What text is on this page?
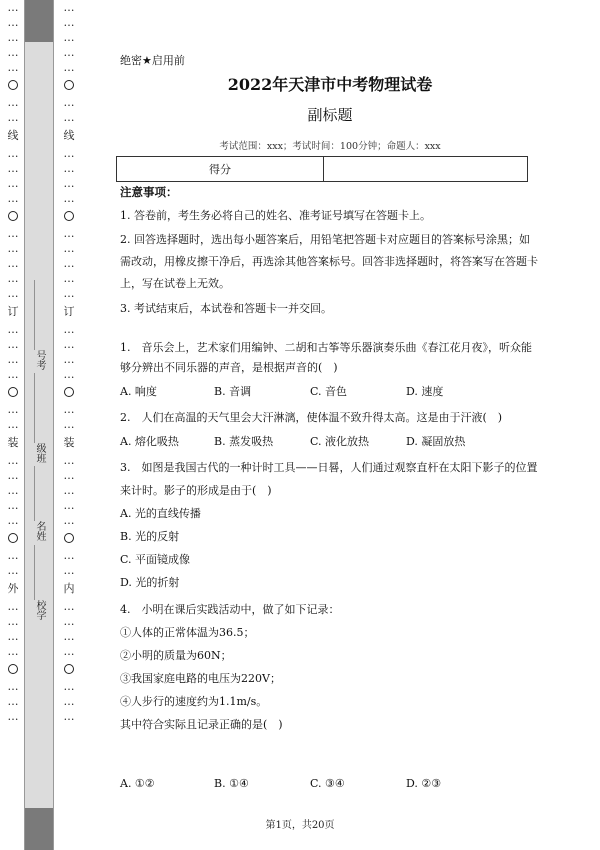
…
…
…
…
…
…
…
线
…
…
…
…
…
…
…
…
…
订
…
…
…
…
…
…
装
…
…
…
…
…
…
…
外
…
…
…
…
…
…
…
______________号考 ______________级班 ___________名姓 ___________校学
…
…
…
…
…
…
…
线
…
…
…
…
…
…
…
…
…
订
…
…
…
…
…
…
装
…
…
…
…
…
…
…
内
…
…
…
…
…
…
…
绝密★启用前
2022年天津市中考物理试卷
副标题
考试范围：xxx；考试时间：100分钟；命题人：xxx
得分

注意事项：

1. 答卷前，考生务必将自己的姓名、准考证号填写在答题卡上。

2. 回答选择题时，选出每小题答案后，用铅笔把答题卡对应题目的答案标号涂黑；如需改动，用橡皮擦干净后，再选涂其他答案标号。回答非选择题时，将答案写在答题卡上，写在试卷上无效。

3. 考试结束后，本试卷和答题卡一并交回。

1.　音乐会上，艺术家们用编钟、二胡和古筝等乐器演奏乐曲《春江花月夜》，听众能够分辨出不同乐器的声音，是根据声音的(　)

A. 响度	B. 音调	C. 音色	D. 速度

2.　人们在高温的天气里会大汗淋漓，使体温不致升得太高。这是由于汗液(　)

A. 熔化吸热	B. 蒸发吸热	C. 液化放热	D. 凝固放热

3.　如图是我国古代的一种计时工具——日晷，人们通过观察直杆在太阳下影子的位置来计时。影子的形成是由于(　)

A. 光的直线传播

B. 光的反射

C. 平面镜成像

D. 光的折射

4.　小明在课后实践活动中，做了如下记录：

①人体的正常体温为36.5；

②小明的质量为60N；

③我国家庭电路的电压为220V；

④人步行的速度约为1.1m/s。

其中符合实际且记录正确的是(　)

A. ①②	B. ①④	C. ③④	D. ②③
第1页，共20页
